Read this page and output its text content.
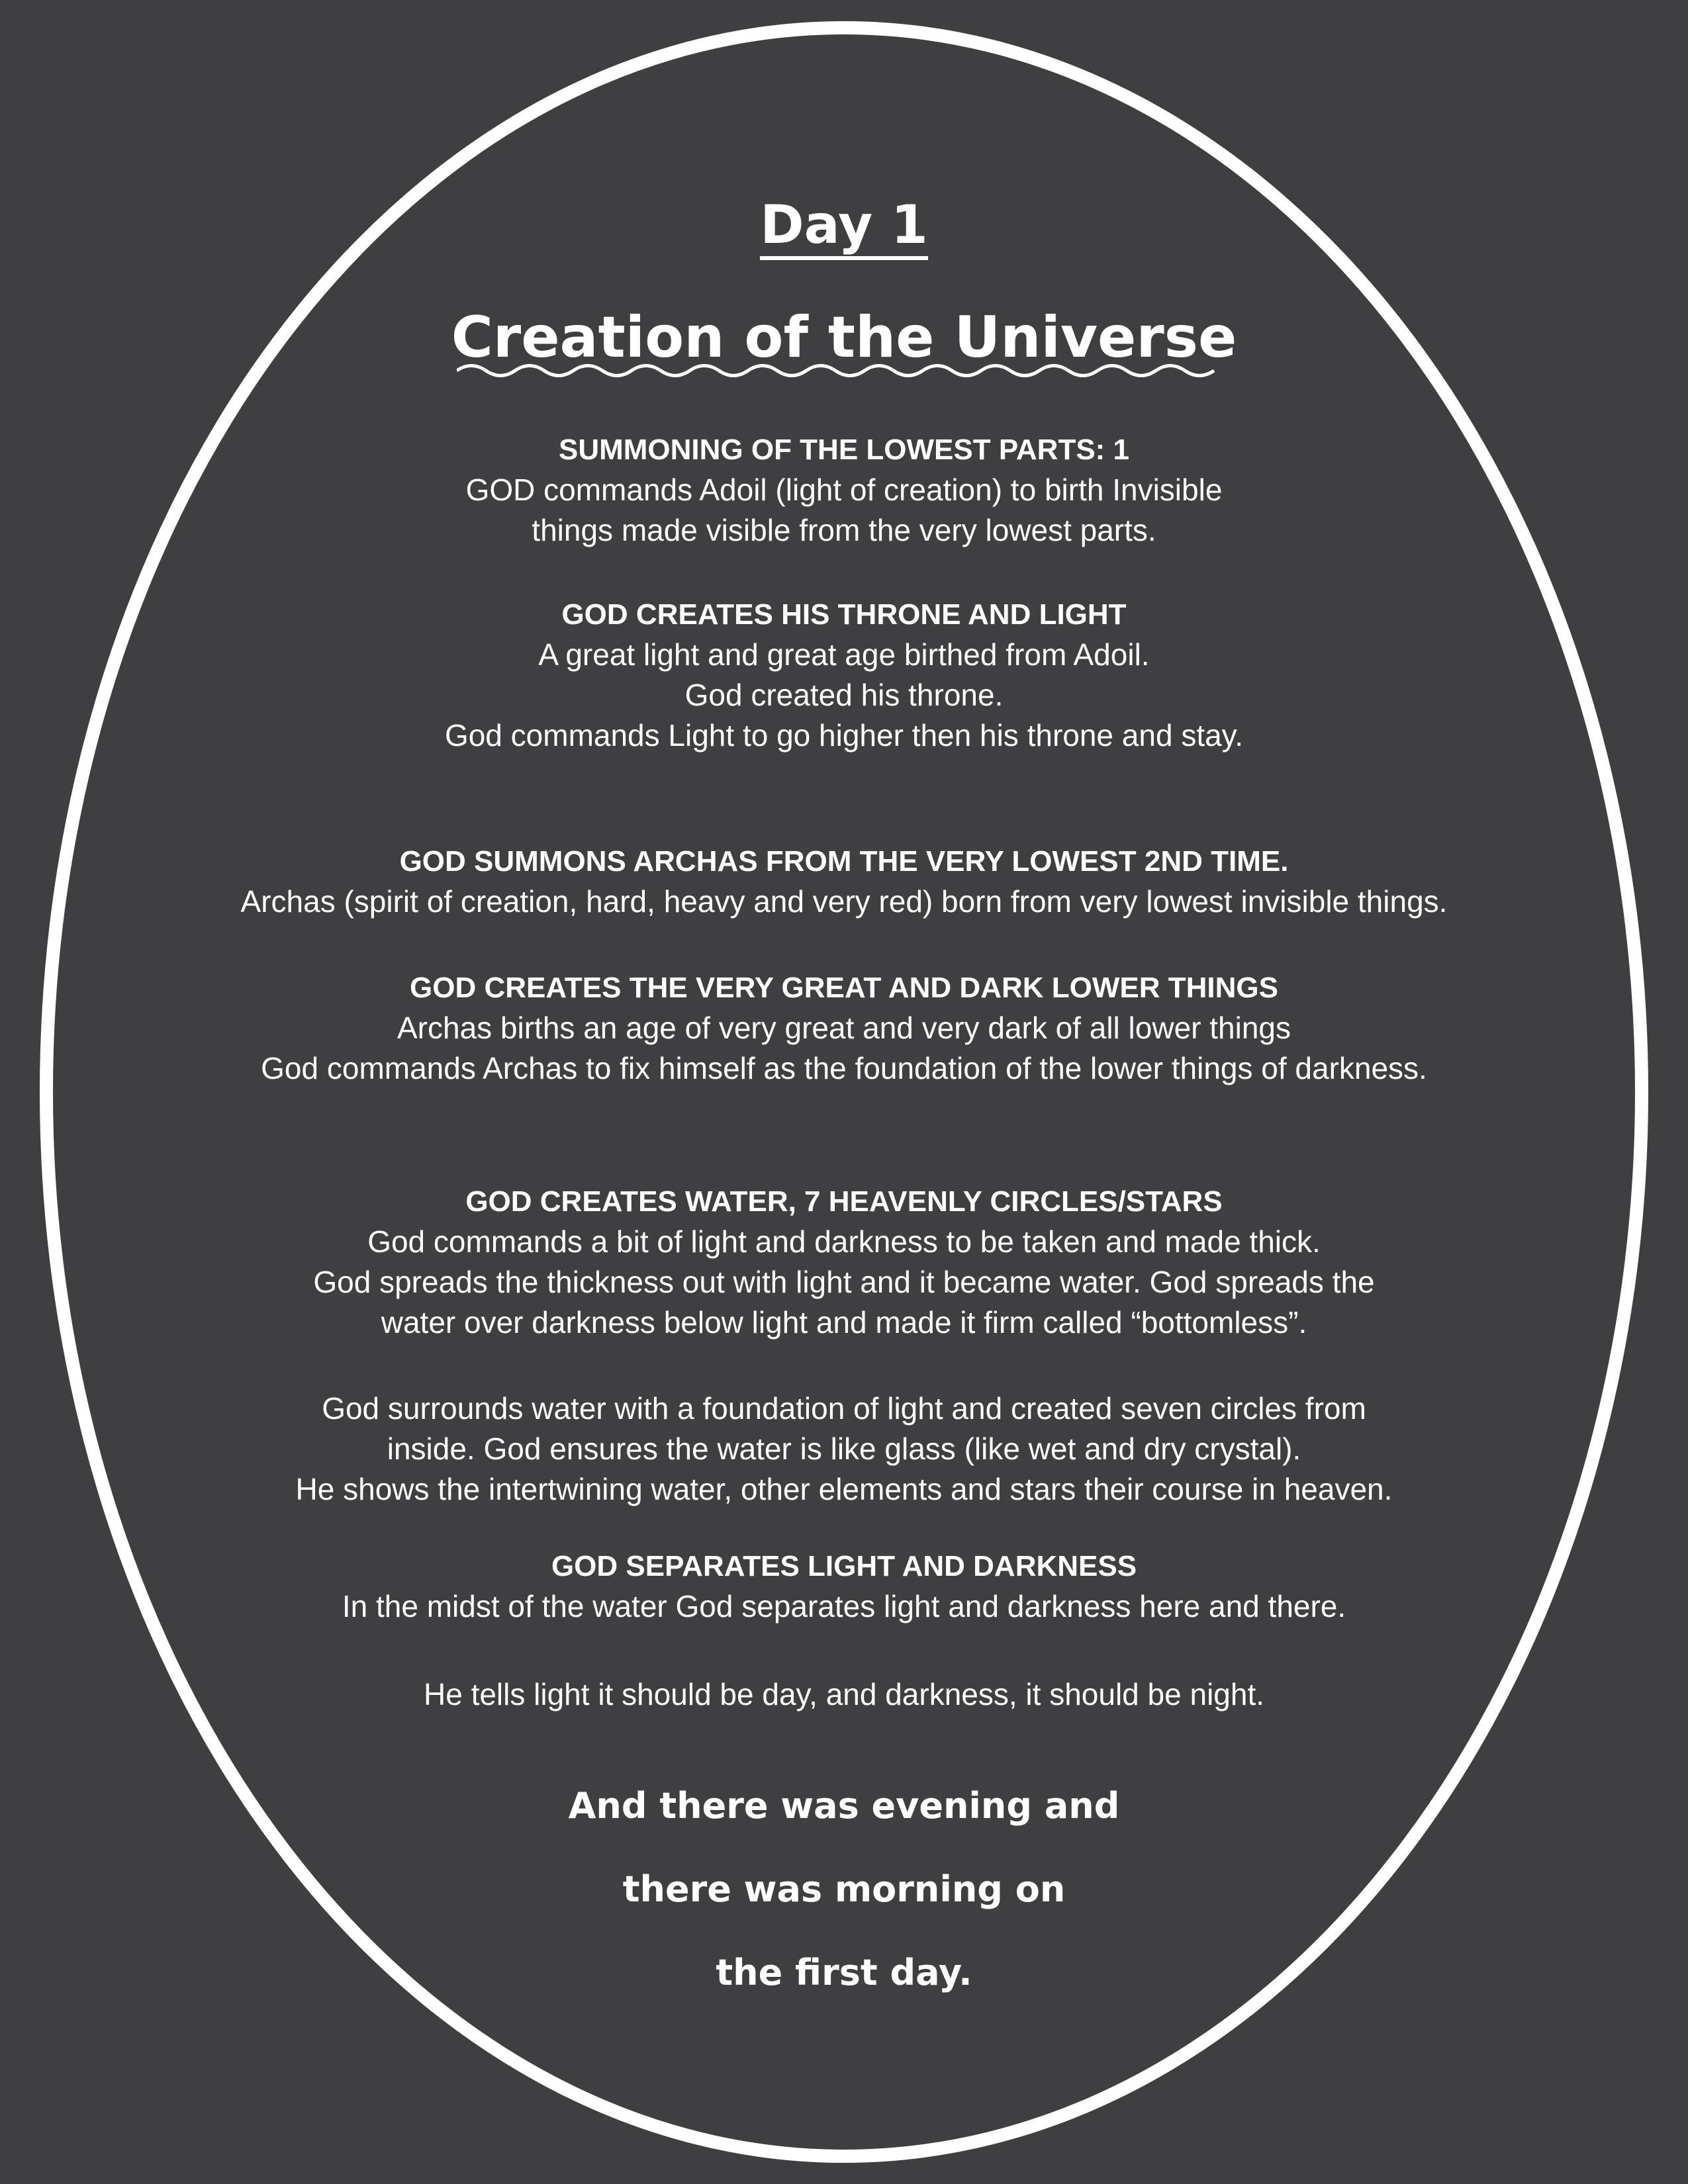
Day 1
Creation of the Universe

SUMMONING OF THE LOWEST PARTS: 1

GOD commands Adoil (light of creation) to birth Invisible

things made visible from the very lowest parts.

GOD CREATES HIS THRONE AND LIGHT

A great light and great age birthed from Adoil.

God created his throne.

God commands Light to go higher then his throne and stay.

GOD SUMMONS ARCHAS FROM THE VERY LOWEST 2ND TIME.

Archas (spirit of creation, hard, heavy and very red) born from very lowest invisible things.

GOD CREATES THE VERY GREAT AND DARK LOWER THINGS

Archas births an age of very great and very dark of all lower things

God commands Archas to fix himself as the foundation of the lower things of darkness.

GOD CREATES WATER, 7 HEAVENLY CIRCLES/STARS

God commands a bit of light and darkness to be taken and made thick.

God spreads the thickness out with light and it became water. God spreads the

water over darkness below light and made it firm called “bottomless”.

God surrounds water with a foundation of light and created seven circles from

inside. God ensures the water is like glass (like wet and dry crystal).

He shows the intertwining water, other elements and stars their course in heaven.

GOD SEPARATES LIGHT AND DARKNESS

In the midst of the water God separates light and darkness here and there.

He tells light it should be day, and darkness, it should be night.

And there was evening and

there was morning on

the first day.
